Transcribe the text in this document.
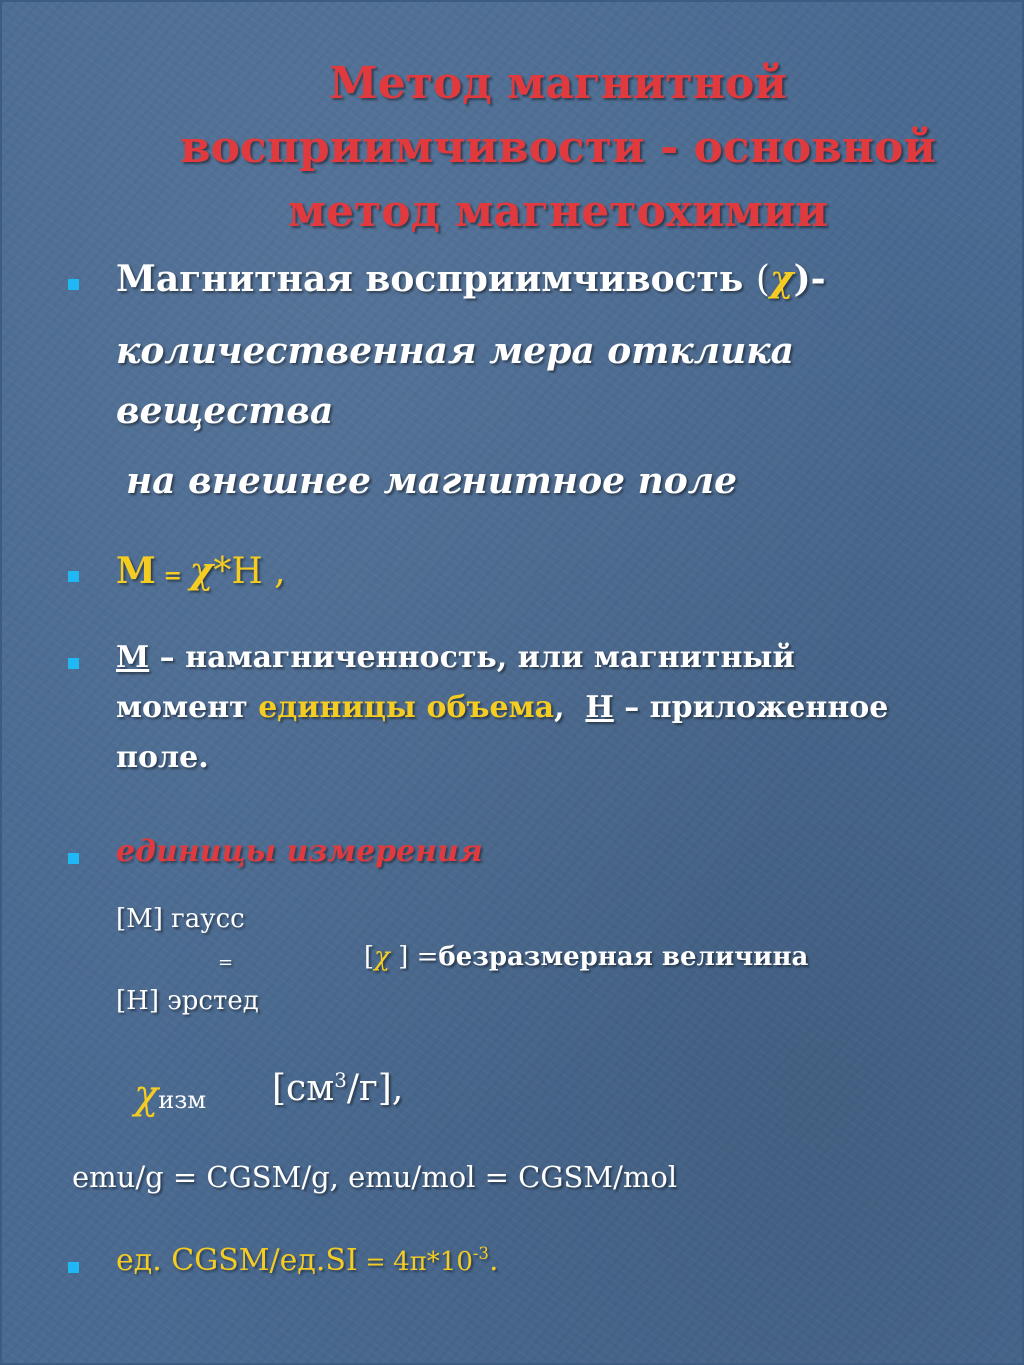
Метод магнитной
восприимчивости - основной
метод магнетохимии
Магнитная восприимчивость (χ)-
количественная мера отклика
вещества
на внешнее магнитное поле
М = χ*H ,
М – намагниченность, или магнитный
момент единицы объема, H – приложенное
поле.
единицы измерения
[M] гаусс
=
[H] эрстед
[χ ] =безразмерная величина
χизм $[см^3/г]$,
emu/g = CGSM/g, emu/mol = CGSM/mol
ед. CGSM/ед.SI = $4\pi*10^{-3}$.
